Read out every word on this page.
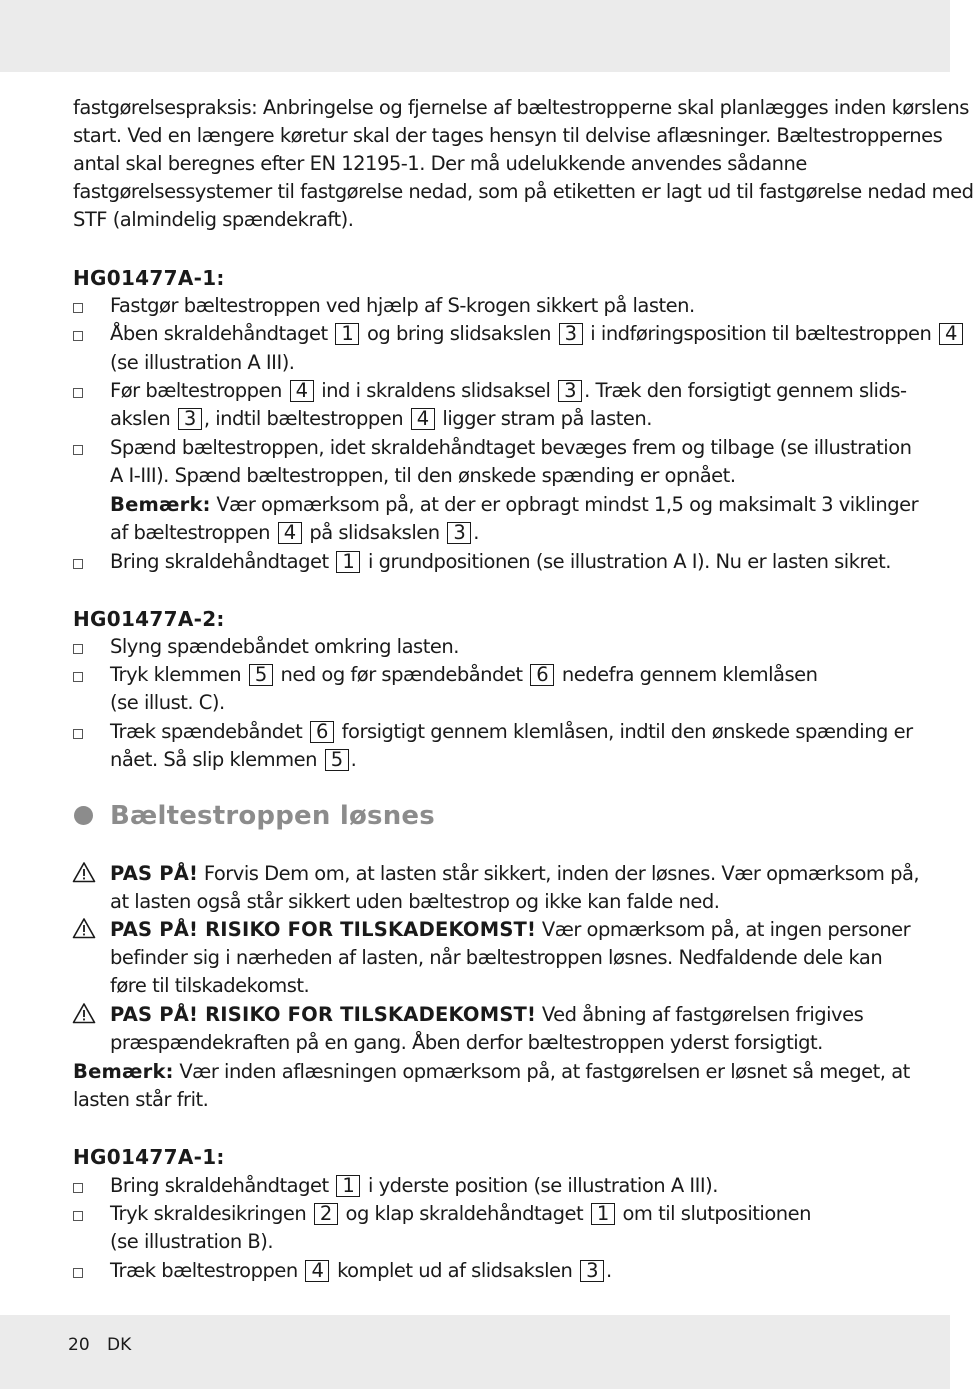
fastgørelsespraksis: Anbringelse og fjernelse af bæltestropperne skal planlægges inden kørslens
start. Ved en længere køretur skal der tages hensyn til delvise aflæsninger. Bæltestroppernes
antal skal beregnes efter EN 12195-1. Der må udelukkende anvendes sådanne
fastgørelsessystemer til fastgørelse nedad, som på etiketten er lagt ud til fastgørelse nedad med
STF (almindelig spændekraft).
HG01477A-1:
Fastgør bæltestroppen ved hjælp af S-krogen sikkert på lasten.
Åben skraldehåndtaget 1 og bring slidsakslen 3 i indføringsposition til bæltestroppen 4
(se illustration A III).
Før bæltestroppen 4 ind i skraldens slidsaksel 3 . Træk den forsigtigt gennem slids-
akslen 3 , indtil bæltestroppen 4 ligger stram på lasten.
Spænd bæltestroppen, idet skraldehåndtaget bevæges frem og tilbage (se illustration
A I-III). Spænd bæltestroppen, til den ønskede spænding er opnået.
Bemærk: Vær opmærksom på, at der er opbragt mindst 1,5 og maksimalt 3 viklinger
af bæltestroppen 4 på slidsakslen 3 .
Bring skraldehåndtaget 1 i grundpositionen (se illustration A I). Nu er lasten sikret.
HG01477A-2:
Slyng spændebåndet omkring lasten.
Tryk klemmen 5 ned og før spændebåndet 6 nedefra gennem klemlåsen
(se illust. C).
Træk spændebåndet 6 forsigtigt gennem klemlåsen, indtil den ønskede spænding er
nået. Så slip klemmen 5 .
Bæltestroppen løsnes
PAS PÅ! Forvis Dem om, at lasten står sikkert, inden der løsnes. Vær opmærksom på,
at lasten også står sikkert uden bæltestrop og ikke kan falde ned.
PAS PÅ! RISIKO FOR TILSKADEKOMST! Vær opmærksom på, at ingen personer
befinder sig i nærheden af lasten, når bæltestroppen løsnes. Nedfaldende dele kan
føre til tilskadekomst.
PAS PÅ! RISIKO FOR TILSKADEKOMST! Ved åbning af fastgørelsen frigives
præspændekraften på en gang. Åben derfor bæltestroppen yderst forsigtigt.
Bemærk: Vær inden aflæsningen opmærksom på, at fastgørelsen er løsnet så meget, at
lasten står frit.
HG01477A-1:
Bring skraldehåndtaget 1 i yderste position (se illustration A III).
Tryk skraldesikringen 2 og klap skraldehåndtaget 1 om til slutpositionen
(se illustration B).
Træk bæltestroppen 4 komplet ud af slidsakslen 3 .
20 DK
